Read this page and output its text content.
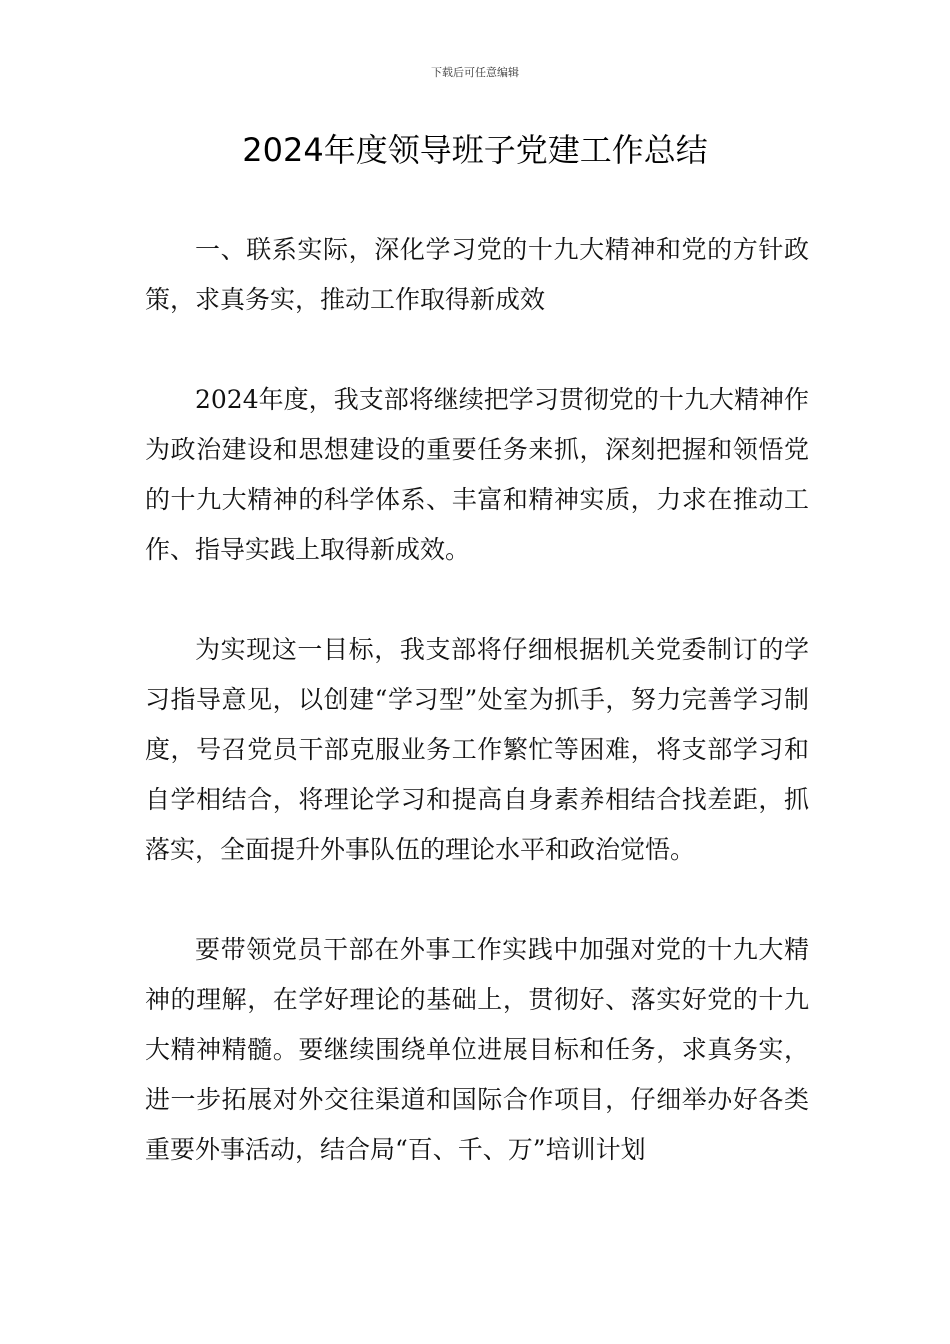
下载后可任意编辑
2024年度领导班子党建工作总结

一、联系实际，深化学习党的十九大精神和党的方针政策，求真务实，推动工作取得新成效

2024年度，我支部将继续把学习贯彻党的十九大精神作为政治建设和思想建设的重要任务来抓，深刻把握和领悟党的十九大精神的科学体系、丰富和精神实质，力求在推动工作、指导实践上取得新成效。

为实现这一目标，我支部将仔细根据机关党委制订的学习指导意见，以创建“学习型”处室为抓手，努力完善学习制度，号召党员干部克服业务工作繁忙等困难，将支部学习和自学相结合，将理论学习和提高自身素养相结合找差距，抓落实，全面提升外事队伍的理论水平和政治觉悟。

要带领党员干部在外事工作实践中加强对党的十九大精神的理解，在学好理论的基础上，贯彻好、落实好党的十九大精神精髓。要继续围绕单位进展目标和任务，求真务实，进一步拓展对外交往渠道和国际合作项目，仔细举办好各类重要外事活动，结合局“百、千、万”培训计划
